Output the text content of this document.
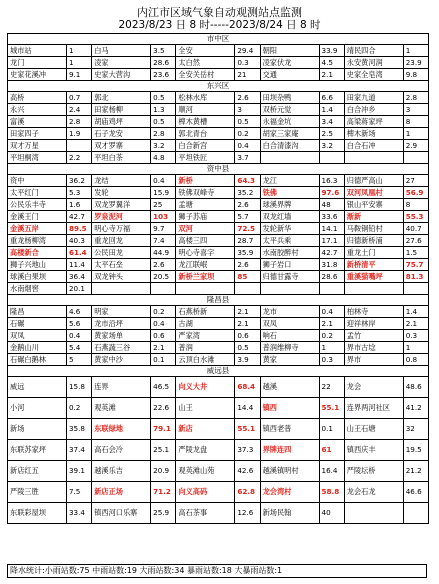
内江市区域气象自动观测站点监测
2023/8/23 日 8 时-----2023/8/24 日 8 时
市中区									
城市站	1	白马	3.5	全安	29.4	朝阳	33.9	靖民四合	1
龙门	1	凌家	28.6	太白然	0.3	凌家伏龙	4.5	永安黄河润	23.9
史家花溪冲	9.1	史家大营沟	23.6	全安关岳村	21	交通	2.1	史家全皂湾	9.8
东兴区									
高桥	0.7	郭北	0.5	松林水库	2.6	田坝杂鸭	6.6	田家九道	2.8
永兴	2.4	田家杨柳	1.3	顺河	3	双桥元觉	1.4	白合冲乡	3
富溪	2.8	胡庙鸡坪	0.5	椑木黄槽	0.5	永福金坑	3.4	高梁蒋家坪	8
田家四子	1.9	石子龙安	2.8	郭北青台	0.2	胡家三家庵	2.5	椑木新场	1
双才万星		双才罗寨	3.2	白合新宫	0.4	白合清漆沟	3.2	白合石冲	2.9
平坦桐湾	2.2	平坦白茶	4.8	平坦铁匠	3.7				
资中县									
资中	36.2	龙结	0.4	新桥	64.3	龙江	16.3	归德严高山	27
太平红门	5.3	发轮	15.9	铁佛双峰寺	35.2	铁佛	97.6	双河凤凰村	56.9
公民乐丰寺	1.6	双龙罗翼洋	25	孟塘	2.6	球溪界牌	48	银山平安寨	8
金溪王门	42.7	罗泉泥河	103	狮子苏庙	5.7	双龙红墙	33.6	渐新	55.3
金溪五岸	89.5	明心寺万福	9.7	双河	72.5	发轮新华	14.1	马鞍铜铅村	40.7
重龙杨柳湾	40.3	重龙回龙	7.4	高楼三四	28.7	太平兵乘	17.1	归德新桥浦	27.6
高楼新合	61.4	公民田龙	44.9	明心寺喜字	35.9	水南胶醉村	42.7	重龙土门	1.5
狮子兴地山	11.4	太平石垒	2.6	龙江联岷	2.6	狮子岩口	31.8	新桥清平	75.7
球溪白果坝	36.4	双龙钟头	20.5	新桥兰家坝	85	归德甘露寺	28.6	重溪猫嘴坪	81.3
水南烟窖	20.1								
隆昌县									
隆昌	4.6	明家	0.2	石燕桥新	2.1	龙市	0.4	柏林寺	1.4
石碾	5.6	龙市沿坪	0.4	古湖	2.1	双凤	2.1	迎祥林岸	2.1
双凤	0.4	黄家场单	0.6	严家湾	0.6	响石	0.2	孟竹	0.3
金鹅山川	5.4	石燕蔬三谷	2.1	普润	0.5	普润维柳寺	1	界市古埝	1
石碾白鹅林	5	黄家中沙	0.1	云顶白水滩	3.9	黄家	0.3	界市	0.8
威远县									
威远	15.8	连界	46.5	向义大井	68.4	越溪	22	龙会	48.6
小河	0.2	观英滩	22.6	山王	14.4	镇西	55.1	连界两河社区	41.2
新场	35.8	东联绿地	79.1	新店	55.1	镇西老普	0.1	山王石塘	32
东联苏家坪	37.4	高石会冷	25.1	严陵龙盘	37.3	界牌连四	61	镇西庆丰	19.5
新店红五	39.1	越溪乐吉	20.9	观英滩山苑	42.6	越溪镇明村	16.4	严陵坛桥	21.2
严陵三胜	7.5	新店正场	71.2	向义高码	62.8	龙会湾村	58.8	龙会石龙	46.6
东联彩屋坝	33.4	镇西河口乐寨	25.9	高石茶事	12.6	新场民翰	40		
降水统计:小雨站数:75 中雨站数:19 大雨站数:34 暴雨站数:18 大暴雨站数:1
